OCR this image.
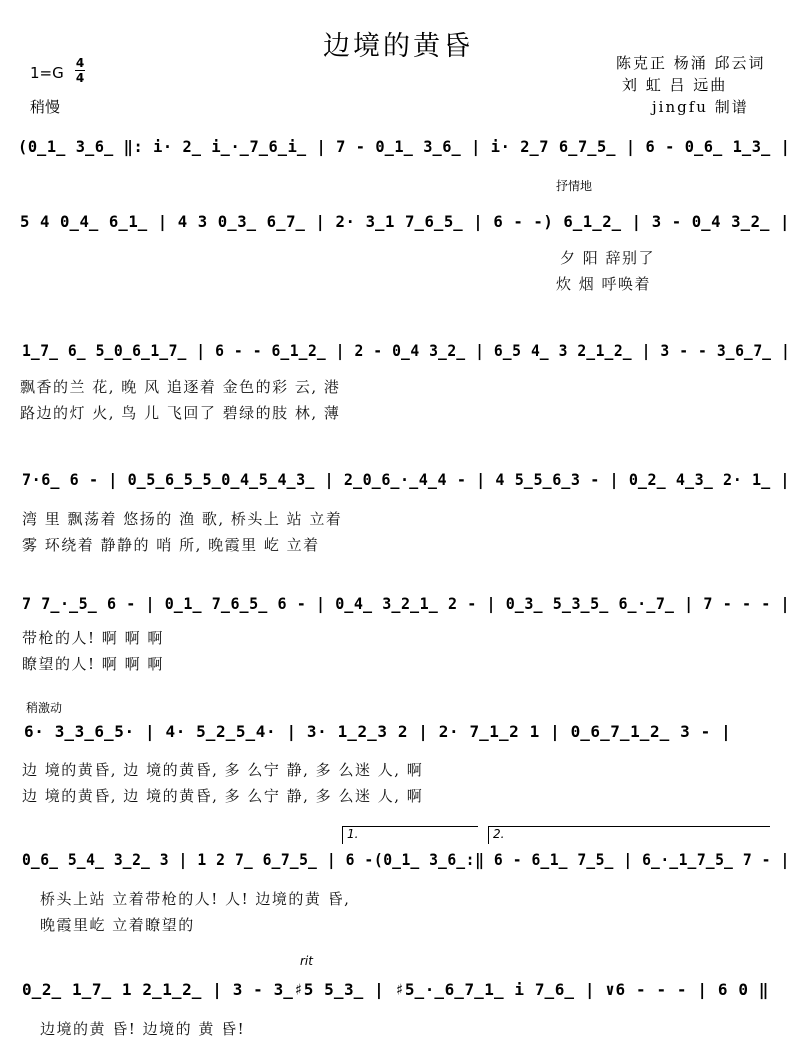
边境的黄昏
陈克正 杨涌 邱云词
刘 虹 吕 远曲
jingfu 制谱
1=G
4
4
稍慢
(0̲1̲ 3̲6̲ ‖: i· 2̲ i̲·̲7̲6̲i̲ | 7 - 0̲1̲ 3̲6̲ | i· 2̲7 6̲7̲5̲ | 6 - 0̲6̲ 1̲3̲ |
抒情地
5 4 0̲4̲ 6̲1̲ | 4 3 0̲3̲ 6̲7̲ | 2· 3̲1 7̲6̲5̲ | 6 - -) 6̲1̲2̲ | 3 - 0̲4 3̲2̲ |
夕 阳 辞别了
炊 烟 呼唤着
1̲7̲ 6̲ 5̲0̲6̲1̲7̲ | 6 - - 6̲1̲2̲ | 2 - 0̲4 3̲2̲ | 6̲5 4̲ 3 2̲1̲2̲ | 3 - - 3̲6̲7̲ |
飘香的兰 花, 晚 风 追逐着 金色的彩 云, 港
路边的灯 火, 鸟 儿 飞回了 碧绿的肢 林, 薄
7·6̲ 6 - | 0̲5̲6̲5̲5̲0̲4̲5̲4̲3̲ | 2̲0̲6̲·̲4̲4 - | 4 5̲5̲6̲3 - | 0̲2̲ 4̲3̲ 2· 1̲ |
湾 里 飘荡着 悠扬的 渔 歌, 桥头上 站 立着
雾 环绕着 静静的 哨 所, 晚霞里 屹 立着
7 7̲·̲5̲ 6 - | 0̲1̲ 7̲6̲5̲ 6 - | 0̲4̲ 3̲2̲1̲ 2 - | 0̲3̲ 5̲3̲5̲ 6̲·̲7̲ | 7 - - - |
带枪的人! 啊 啊 啊
瞭望的人! 啊 啊 啊
稍激动
6· 3̲3̲6̲5· | 4· 5̲2̲5̲4· | 3· 1̲2̲3 2 | 2· 7̲1̲2 1 | 0̲6̲7̲1̲2̲ 3 - |
边 境的黄昏, 边 境的黄昏, 多 么宁 静, 多 么迷 人, 啊
边 境的黄昏, 边 境的黄昏, 多 么宁 静, 多 么迷 人, 啊
1.	2.
0̲6̲ 5̲4̲ 3̲2̲ 3 | 1 2 7̲ 6̲7̲5̲ | 6 -(0̲1̲ 3̲6̲:‖ 6 - 6̲1̲ 7̲5̲ | 6̲·̲1̲7̲5̲ 7 - |
桥头上站 立着带枪的人! 人! 边境的黄 昏,
晚霞里屹 立着瞭望的
rit
0̲2̲ 1̲7̲ 1 2̲1̲2̲ | 3 - 3̲♯5 5̲3̲ | ♯5̲·̲6̲7̲1̲ i 7̲6̲ | ∨6 - - - | 6 0 ‖
边境的黄 昏! 边境的 黄 昏!
